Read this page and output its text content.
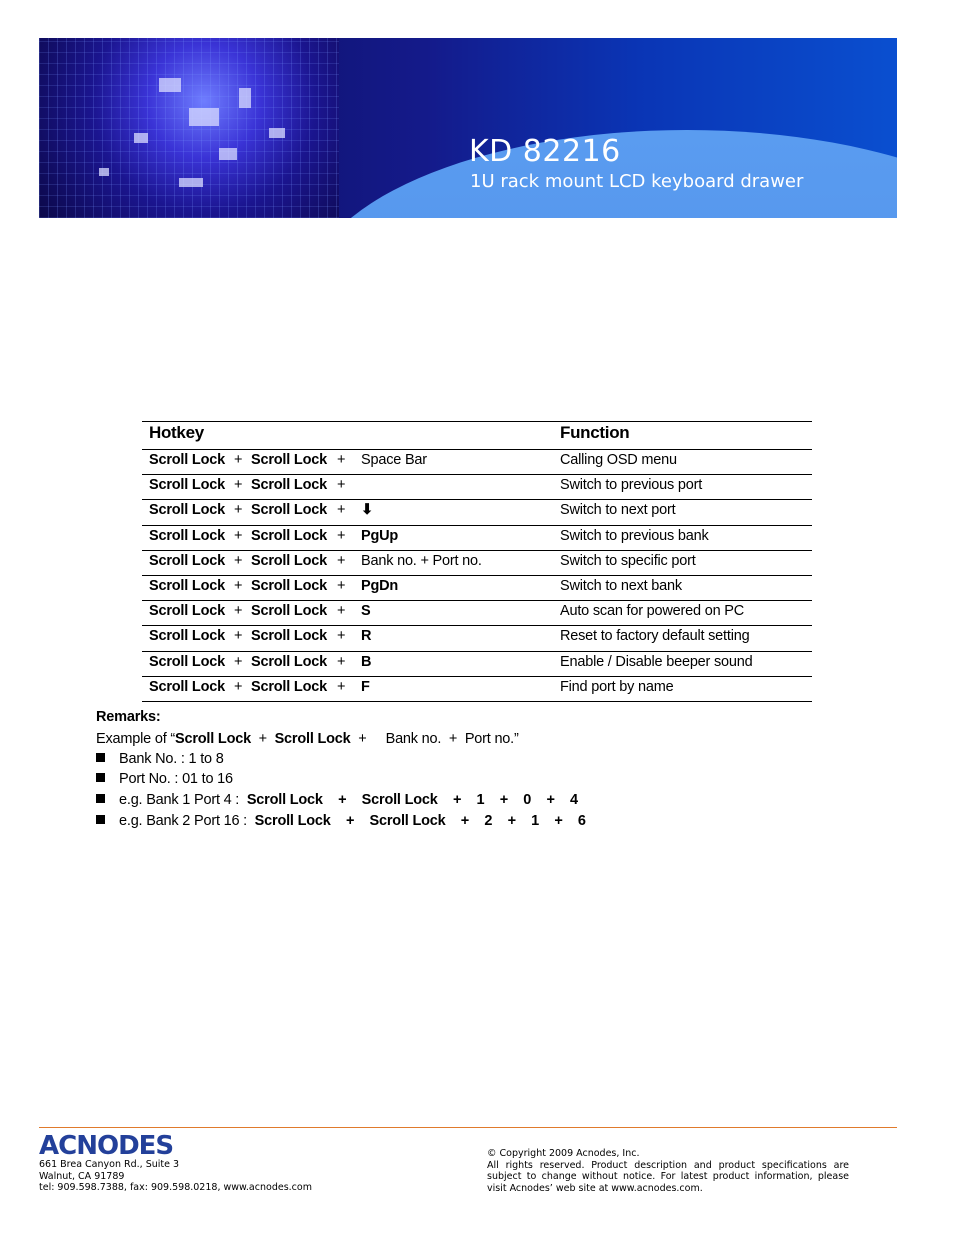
KD 82216
1U rack mount LCD keyboard drawer
Hotkey	Function
Scroll Lock + Scroll Lock + Space Bar	Calling OSD menu
Scroll Lock + Scroll Lock +	Switch to previous port
Scroll Lock + Scroll Lock + ⬇	Switch to next port
Scroll Lock + Scroll Lock + PgUp	Switch to previous bank
Scroll Lock + Scroll Lock + Bank no. + Port no.	Switch to specific port
Scroll Lock + Scroll Lock + PgDn	Switch to next bank
Scroll Lock + Scroll Lock + S	Auto scan for powered on PC
Scroll Lock + Scroll Lock + R	Reset to factory default setting
Scroll Lock + Scroll Lock + B	Enable / Disable beeper sound
Scroll Lock + Scroll Lock + F	Find port by name
Remarks:
Example of “Scroll Lock  +  Scroll Lock  +     Bank no.  +  Port no.”
Bank No. : 1 to 8
Port No. : 01 to 16
e.g. Bank 1 Port 4 : Scroll Lock    +    Scroll Lock    +    1    +    0    +    4
e.g. Bank 2 Port 16 : Scroll Lock    +    Scroll Lock    +    2    +    1    +    6
ACNODES
661 Brea Canyon Rd., Suite 3
Walnut, CA 91789
tel: 909.598.7388, fax: 909.598.0218, www.acnodes.com
© Copyright 2009 Acnodes, Inc.
All rights reserved. Product description and product specifications are subject to change without notice. For latest product information, please visit Acnodes’ web site at www.acnodes.com.
